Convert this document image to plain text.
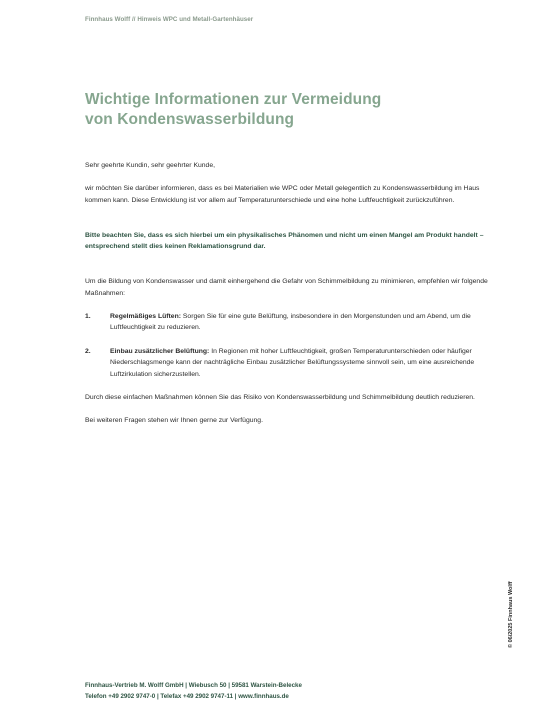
Finnhaus Wolff // Hinweis WPC und Metall-Gartenhäuser
Wichtige Informationen zur Vermeidung
von Kondenswasserbildung

Sehr geehrte Kundin, sehr geehrter Kunde,

wir möchten Sie darüber informieren, dass es bei Materialien wie WPC oder Metall gelegentlich zu Kondenswasserbildung im Haus kommen kann. Diese Entwicklung ist vor allem auf Temperaturunterschiede und eine hohe Luftfeuchtigkeit zurückzuführen.

Bitte beachten Sie, dass es sich hierbei um ein physikalisches Phänomen und nicht um einen Mangel am Produkt handelt – entsprechend stellt dies keinen Reklamationsgrund dar.

Um die Bildung von Kondenswasser und damit einhergehend die Gefahr von Schimmelbildung zu minimieren, empfehlen wir folgende Maßnahmen:

1.	Regelmäßiges Lüften: Sorgen Sie für eine gute Belüftung, insbesondere in den Morgenstunden und am Abend, um die Luftfeuchtigkeit zu reduzieren.
2.	Einbau zusätzlicher Belüftung: In Regionen mit hoher Luftfeuchtigkeit, großen Temperaturunterschieden oder häufiger Niederschlagsmenge kann der nachträgliche Einbau zusätzlicher Belüftungssysteme sinnvoll sein, um eine ausreichende Luftzirkulation sicherzustellen.

Durch diese einfachen Maßnahmen können Sie das Risiko von Kondenswasserbildung und Schimmelbildung deutlich reduzieren.

Bei weiteren Fragen stehen wir Ihnen gerne zur Verfügung.

Finnhaus-Vertrieb M. Wolff GmbH | Wiebusch 50 | 59581 Warstein-Belecke
Telefon +49 2902 9747-0 | Telefax +49 2902 9747-11 | www.finnhaus.de
© 06/2025 Finnhaus Wolff
